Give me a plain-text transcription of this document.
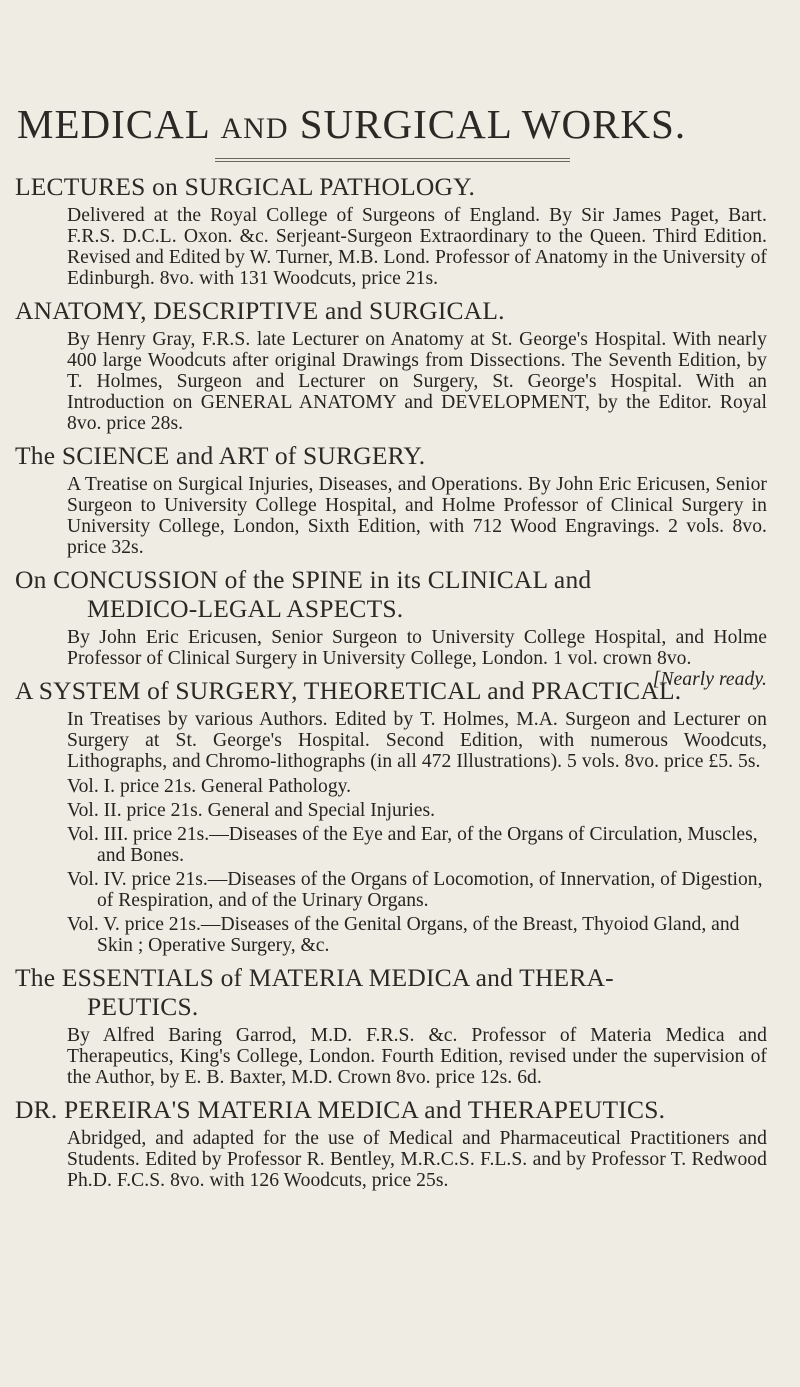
MEDICAL AND SURGICAL WORKS.

LECTURES on SURGICAL PATHOLOGY.

Delivered at the Royal College of Surgeons of England. By Sir James Paget, Bart. F.R.S. D.C.L. Oxon. &c. Serjeant-Surgeon Extraordinary to the Queen. Third Edition. Revised and Edited by W. Turner, M.B. Lond. Professor of Anatomy in the University of Edinburgh. 8vo. with 131 Woodcuts, price 21s.

ANATOMY, DESCRIPTIVE and SURGICAL.

By Henry Gray, F.R.S. late Lecturer on Anatomy at St. George's Hospital. With nearly 400 large Woodcuts after original Drawings from Dissections. The Seventh Edition, by T. Holmes, Surgeon and Lecturer on Surgery, St. George's Hospital. With an Introduction on GENERAL ANATOMY and DEVELOPMENT, by the Editor. Royal 8vo. price 28s.

The SCIENCE and ART of SURGERY.

A Treatise on Surgical Injuries, Diseases, and Operations. By John Eric Ericusen, Senior Surgeon to University College Hospital, and Holme Professor of Clinical Surgery in University College, London, Sixth Edition, with 712 Wood Engravings. 2 vols. 8vo. price 32s.

On CONCUSSION of the SPINE in its CLINICAL and

MEDICO-LEGAL ASPECTS.

By John Eric Ericusen, Senior Surgeon to University College Hospital, and Holme Professor of Clinical Surgery in University College, London. 1 vol. crown 8vo.
[Nearly ready.

A SYSTEM of SURGERY, THEORETICAL and PRACTICAL.

In Treatises by various Authors. Edited by T. Holmes, M.A. Surgeon and Lecturer on Surgery at St. George's Hospital. Second Edition, with numerous Woodcuts, Lithographs, and Chromo-lithographs (in all 472 Illustrations). 5 vols. 8vo. price £5. 5s.

Vol. I. price 21s. General Pathology.
Vol. II. price 21s. General and Special Injuries.
Vol. III. price 21s.—Diseases of the Eye and Ear, of the Organs of Circulation, Muscles, and Bones.
Vol. IV. price 21s.—Diseases of the Organs of Locomotion, of Innervation, of Digestion, of Respiration, and of the Urinary Organs.
Vol. V. price 21s.—Diseases of the Genital Organs, of the Breast, Thyoiod Gland, and Skin ; Operative Surgery, &c.

The ESSENTIALS of MATERIA MEDICA and THERA-

PEUTICS.

By Alfred Baring Garrod, M.D. F.R.S. &c. Professor of Materia Medica and Therapeutics, King's College, London. Fourth Edition, revised under the supervision of the Author, by E. B. Baxter, M.D. Crown 8vo. price 12s. 6d.

DR. PEREIRA'S MATERIA MEDICA and THERAPEUTICS.

Abridged, and adapted for the use of Medical and Pharmaceutical Practitioners and Students. Edited by Professor R. Bentley, M.R.C.S. F.L.S. and by Professor T. Redwood Ph.D. F.C.S. 8vo. with 126 Woodcuts, price 25s.
